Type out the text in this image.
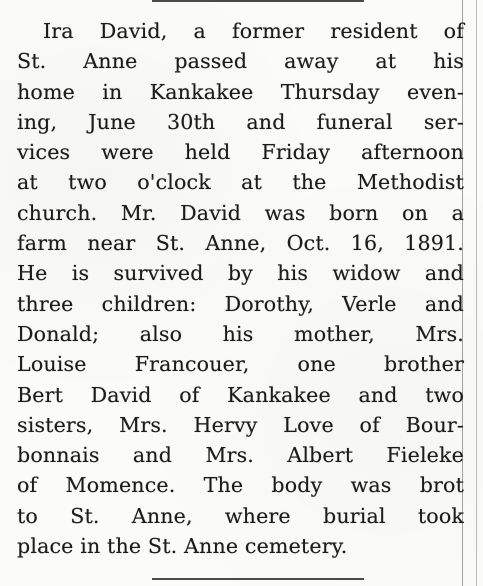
Ira David, a former resident of
St. Anne passed away at his
home in Kankakee Thursday even-
ing, June 30th and funeral ser-
vices were held Friday afternoon
at two o'clock at the Methodist
church. Mr. David was born on a
farm near St. Anne, Oct. 16, 1891.
He is survived by his widow and
three children: Dorothy, Verle and
Donald; also his mother, Mrs.
Louise Francouer, one brother
Bert David of Kankakee and two
sisters, Mrs. Hervy Love of Bour-
bonnais and Mrs. Albert Fieleke
of Momence. The body was brot
to St. Anne, where burial took
place in the St. Anne cemetery.
